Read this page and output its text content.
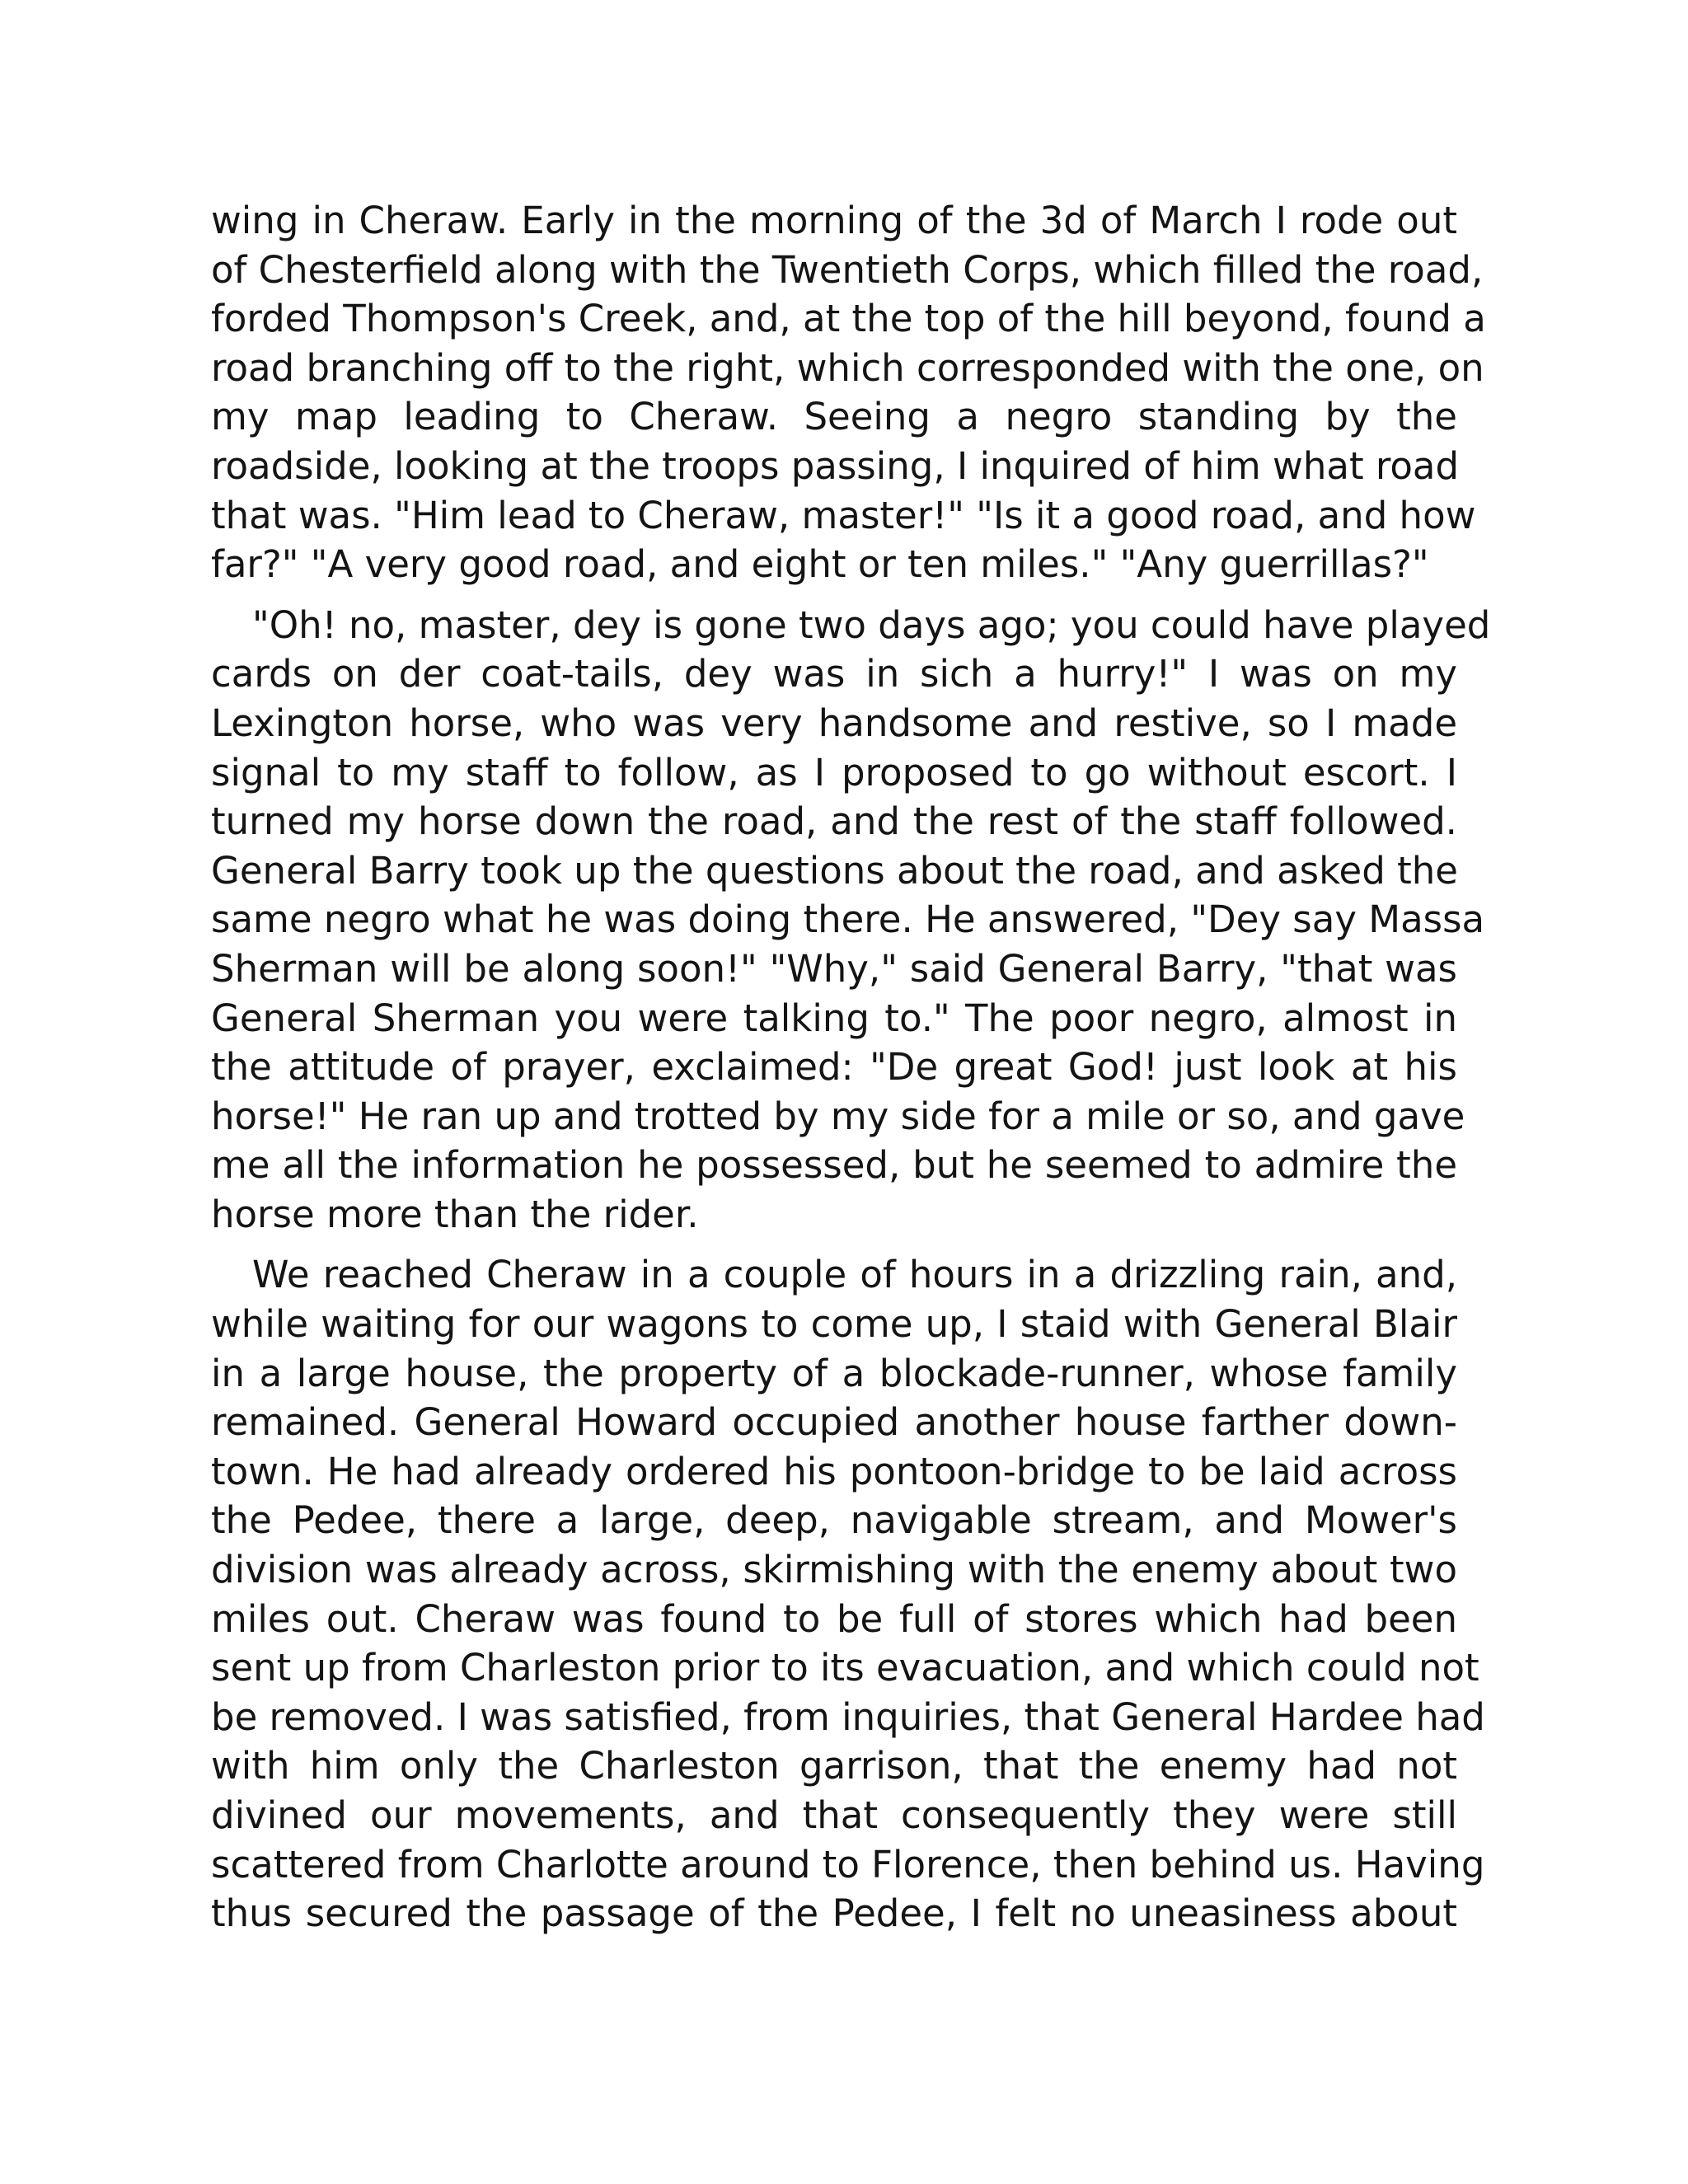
wing in Cheraw. Early in the morning of the 3d of March I rode out
of Chesterfield along with the Twentieth Corps, which filled the road,
forded Thompson's Creek, and, at the top of the hill beyond, found a
road branching off to the right, which corresponded with the one, on
my map leading to Cheraw. Seeing a negro standing by the
roadside, looking at the troops passing, I inquired of him what road
that was. "Him lead to Cheraw, master!" "Is it a good road, and how
far?" "A very good road, and eight or ten miles." "Any guerrillas?"

"Oh! no, master, dey is gone two days ago; you could have played
cards on der coat-tails, dey was in sich a hurry!" I was on my
Lexington horse, who was very handsome and restive, so I made
signal to my staff to follow, as I proposed to go without escort. I
turned my horse down the road, and the rest of the staff followed.
General Barry took up the questions about the road, and asked the
same negro what he was doing there. He answered, "Dey say Massa
Sherman will be along soon!" "Why," said General Barry, "that was
General Sherman you were talking to." The poor negro, almost in
the attitude of prayer, exclaimed: "De great God! just look at his
horse!" He ran up and trotted by my side for a mile or so, and gave
me all the information he possessed, but he seemed to admire the
horse more than the rider.

We reached Cheraw in a couple of hours in a drizzling rain, and,
while waiting for our wagons to come up, I staid with General Blair
in a large house, the property of a blockade-runner, whose family
remained. General Howard occupied another house farther down-
town. He had already ordered his pontoon-bridge to be laid across
the Pedee, there a large, deep, navigable stream, and Mower's
division was already across, skirmishing with the enemy about two
miles out. Cheraw was found to be full of stores which had been
sent up from Charleston prior to its evacuation, and which could not
be removed. I was satisfied, from inquiries, that General Hardee had
with him only the Charleston garrison, that the enemy had not
divined our movements, and that consequently they were still
scattered from Charlotte around to Florence, then behind us. Having
thus secured the passage of the Pedee, I felt no uneasiness about
